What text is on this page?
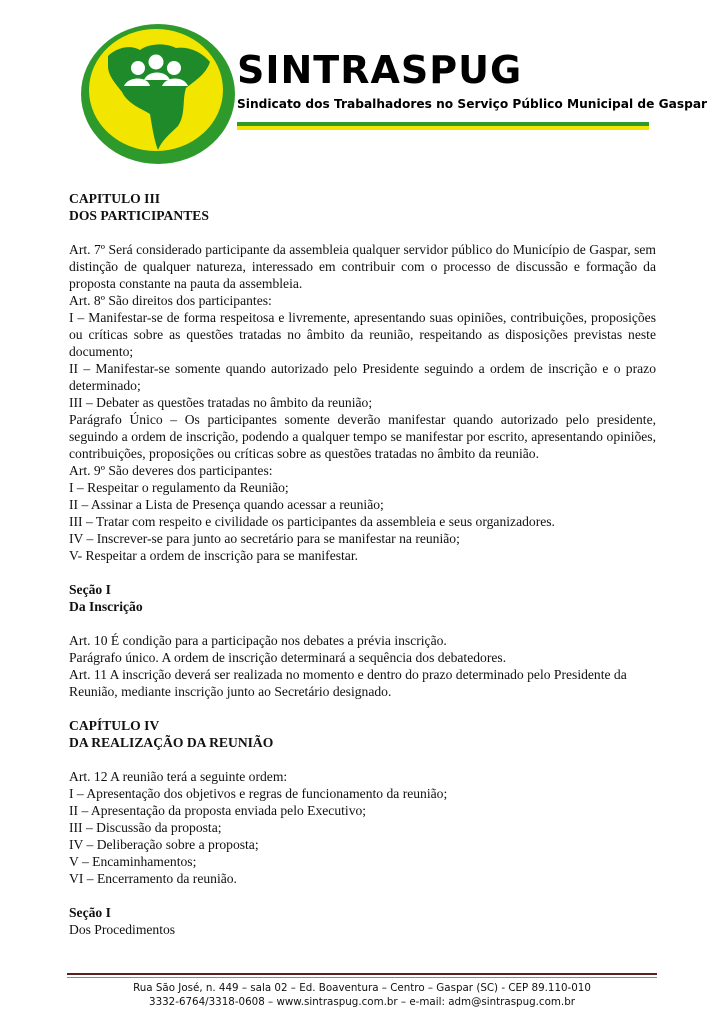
SINTRASPUG
Sindicato dos Trabalhadores no Serviço Público Municipal de Gaspar
CAPITULO III
DOS PARTICIPANTES
Art. 7º Será considerado participante da assembleia qualquer servidor público do Município de Gaspar, sem distinção de qualquer natureza, interessado em contribuir com o processo de discussão e formação da proposta constante na pauta da assembleia.
Art. 8º São direitos dos participantes:
I – Manifestar-se de forma respeitosa e livremente, apresentando suas opiniões, contribuições, proposições ou críticas sobre as questões tratadas no âmbito da reunião, respeitando as disposições previstas neste documento;
II – Manifestar-se somente quando autorizado pelo Presidente seguindo a ordem de inscrição e o prazo determinado;
III – Debater as questões tratadas no âmbito da reunião;
Parágrafo Único – Os participantes somente deverão manifestar quando autorizado pelo presidente, seguindo a ordem de inscrição, podendo a qualquer tempo se manifestar por escrito, apresentando opiniões, contribuições, proposições ou críticas sobre as questões tratadas no âmbito da reunião.
Art. 9º São deveres dos participantes:
I – Respeitar o regulamento da Reunião;
II – Assinar a Lista de Presença quando acessar a reunião;
III – Tratar com respeito e civilidade os participantes da assembleia e seus organizadores.
IV – Inscrever-se para junto ao secretário para se manifestar na reunião;
V- Respeitar a ordem de inscrição para se manifestar.
Seção I
Da Inscrição
Art. 10 É condição para a participação nos debates a prévia inscrição.
Parágrafo único. A ordem de inscrição determinará a sequência dos debatedores.
Art. 11 A inscrição deverá ser realizada no momento e dentro do prazo determinado pelo Presidente da Reunião, mediante inscrição junto ao Secretário designado.
CAPÍTULO IV
DA REALIZAÇÃO DA REUNIÃO
Art. 12 A reunião terá a seguinte ordem:
I – Apresentação dos objetivos e regras de funcionamento da reunião;
II – Apresentação da proposta enviada pelo Executivo;
III – Discussão da proposta;
IV – Deliberação sobre a proposta;
V – Encaminhamentos;
VI – Encerramento da reunião.
Seção I
Dos Procedimentos
Rua São José, n. 449 – sala 02 – Ed. Boaventura – Centro – Gaspar (SC) - CEP 89.110-010
3332-6764/3318-0608 – www.sintraspug.com.br – e-mail: adm@sintraspug.com.br
